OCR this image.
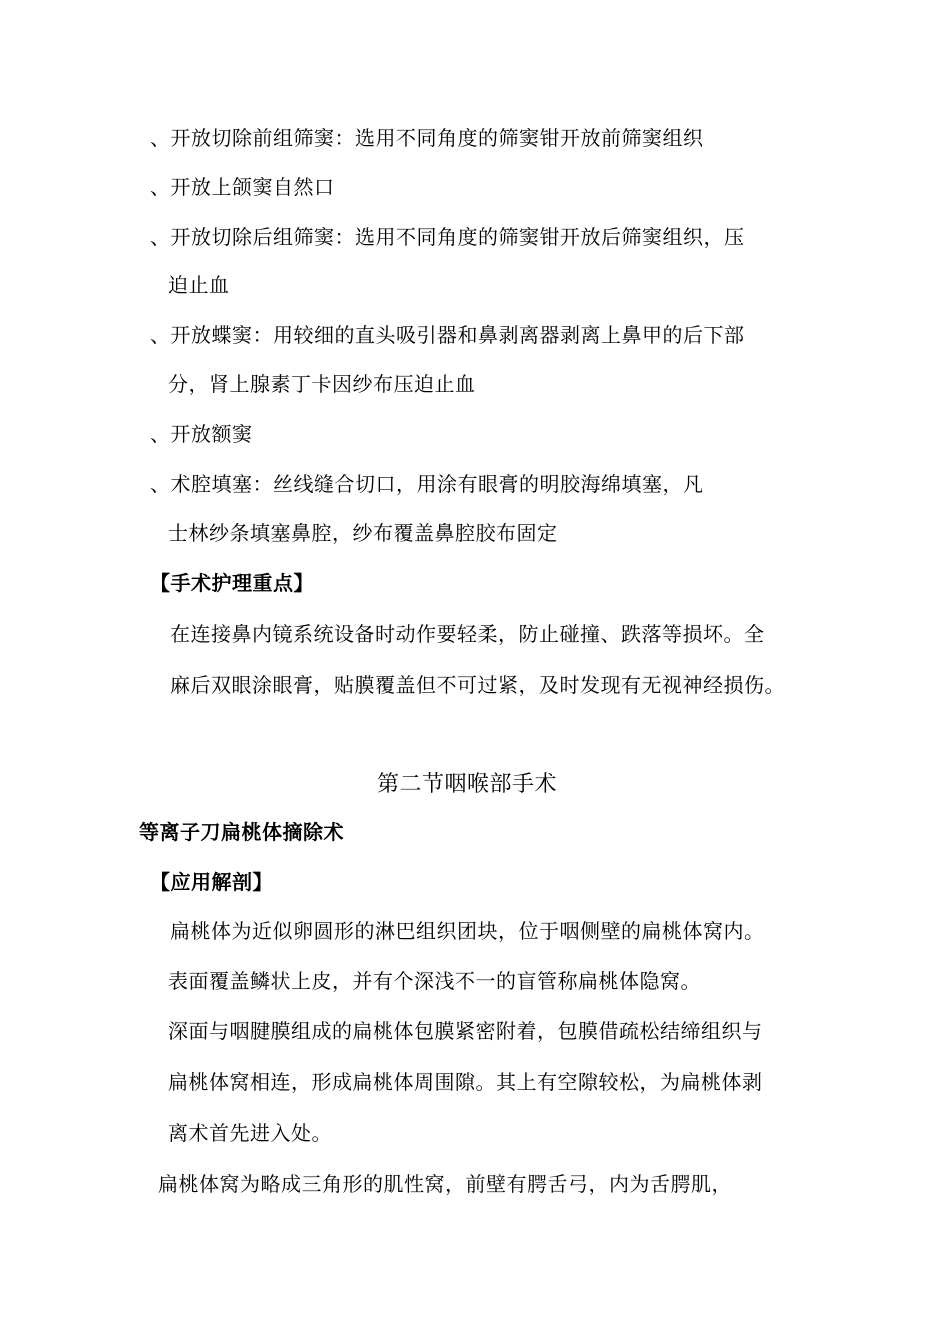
、开放切除前组筛窦：选用不同角度的筛窦钳开放前筛窦组织
、开放上颌窦自然口
、开放切除后组筛窦：选用不同角度的筛窦钳开放后筛窦组织，压
迫止血
、开放蝶窦：用较细的直头吸引器和鼻剥离器剥离上鼻甲的后下部
分，肾上腺素丁卡因纱布压迫止血
、开放额窦
、术腔填塞：丝线缝合切口，用涂有眼膏的明胶海绵填塞，凡
士林纱条填塞鼻腔，纱布覆盖鼻腔胶布固定
【手术护理重点】
在连接鼻内镜系统设备时动作要轻柔，防止碰撞、跌落等损坏。全
麻后双眼涂眼膏，贴膜覆盖但不可过紧，及时发现有无视神经损伤。
第二节咽喉部手术
等离子刀扁桃体摘除术
【应用解剖】
扁桃体为近似卵圆形的淋巴组织团块，位于咽侧壁的扁桃体窝内。
表面覆盖鳞状上皮，并有个深浅不一的盲管称扁桃体隐窝。
深面与咽腱膜组成的扁桃体包膜紧密附着，包膜借疏松结缔组织与
扁桃体窝相连，形成扁桃体周围隙。其上有空隙较松，为扁桃体剥
离术首先进入处。
扁桃体窝为略成三角形的肌性窝，前壁有腭舌弓，内为舌腭肌，
